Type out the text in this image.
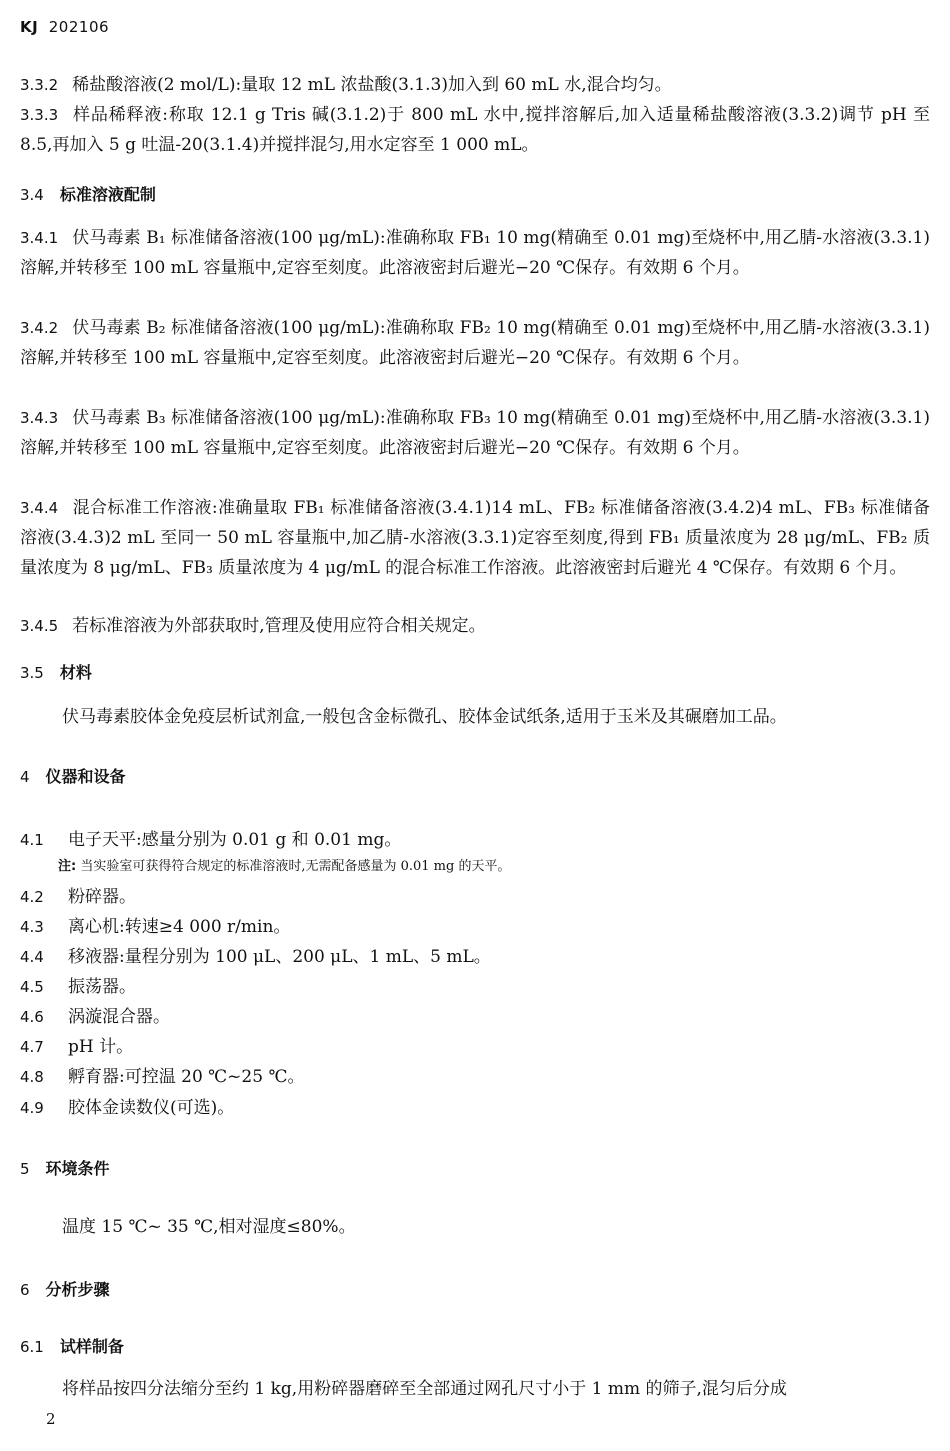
KJ 202106
3.3.2 稀盐酸溶液(2 mol/L):量取 12 mL 浓盐酸(3.1.3)加入到 60 mL 水,混合均匀。
3.3.3 样品稀释液:称取 12.1 g Tris 碱(3.1.2)于 800 mL 水中,搅拌溶解后,加入适量稀盐酸溶液(3.3.2)调节 pH 至 8.5,再加入 5 g 吐温-20(3.1.4)并搅拌混匀,用水定容至 1 000 mL。
3.4 标准溶液配制
3.4.1 伏马毒素 B₁ 标准储备溶液(100 μg/mL):准确称取 FB₁ 10 mg(精确至 0.01 mg)至烧杯中,用乙腈-水溶液(3.3.1)溶解,并转移至 100 mL 容量瓶中,定容至刻度。此溶液密封后避光−20 ℃保存。有效期 6 个月。
3.4.2 伏马毒素 B₂ 标准储备溶液(100 μg/mL):准确称取 FB₂ 10 mg(精确至 0.01 mg)至烧杯中,用乙腈-水溶液(3.3.1)溶解,并转移至 100 mL 容量瓶中,定容至刻度。此溶液密封后避光−20 ℃保存。有效期 6 个月。
3.4.3 伏马毒素 B₃ 标准储备溶液(100 μg/mL):准确称取 FB₃ 10 mg(精确至 0.01 mg)至烧杯中,用乙腈-水溶液(3.3.1)溶解,并转移至 100 mL 容量瓶中,定容至刻度。此溶液密封后避光−20 ℃保存。有效期 6 个月。
3.4.4 混合标准工作溶液:准确量取 FB₁ 标准储备溶液(3.4.1)14 mL、FB₂ 标准储备溶液(3.4.2)4 mL、FB₃ 标准储备溶液(3.4.3)2 mL 至同一 50 mL 容量瓶中,加乙腈-水溶液(3.3.1)定容至刻度,得到 FB₁ 质量浓度为 28 μg/mL、FB₂ 质量浓度为 8 μg/mL、FB₃ 质量浓度为 4 μg/mL 的混合标准工作溶液。此溶液密封后避光 4 ℃保存。有效期 6 个月。
3.4.5 若标准溶液为外部获取时,管理及使用应符合相关规定。
3.5 材料
伏马毒素胶体金免疫层析试剂盒,一般包含金标微孔、胶体金试纸条,适用于玉米及其碾磨加工品。
4 仪器和设备
4.1 电子天平:感量分别为 0.01 g 和 0.01 mg。
注: 当实验室可获得符合规定的标准溶液时,无需配备感量为 0.01 mg 的天平。
4.2 粉碎器。
4.3 离心机:转速≥4 000 r/min。
4.4 移液器:量程分别为 100 μL、200 μL、1 mL、5 mL。
4.5 振荡器。
4.6 涡漩混合器。
4.7 pH 计。
4.8 孵育器:可控温 20 ℃~25 ℃。
4.9 胶体金读数仪(可选)。
5 环境条件
温度 15 ℃~ 35 ℃,相对湿度≤80%。
6 分析步骤
6.1 试样制备
将样品按四分法缩分至约 1 kg,用粉碎器磨碎至全部通过网孔尺寸小于 1 mm 的筛子,混匀后分成
2
